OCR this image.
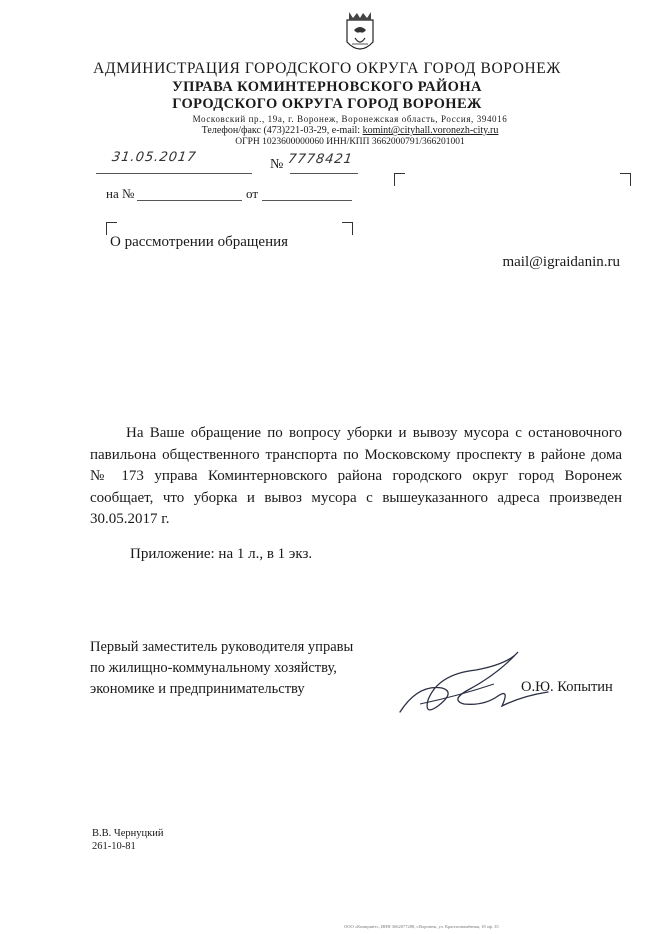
АДМИНИСТРАЦИЯ ГОРОДСКОГО ОКРУГА ГОРОД ВОРОНЕЖ
УПРАВА КОМИНТЕРНОВСКОГО РАЙОНА
ГОРОДСКОГО ОКРУГА ГОРОД ВОРОНЕЖ
Московский пр., 19а, г. Воронеж, Воронежская область, Россия, 394016
Телефон/факс (473)221-03-29, e-mail: komint@cityhall.voronezh-city.ru
ОГРН 1023600000060 ИНН/КПП 3662000791/366201001
31.05.2017	№ 7778421
на №	от
О рассмотрении обращения
mail@igraidanin.ru
На Ваше обращение по вопросу уборки и вывозу мусора с остановочного павильона общественного транспорта по Московскому проспекту в районе дома № 173 управа Коминтерновского района городского округ город Воронеж сообщает, что уборка и вывоз мусора с вышеуказанного адреса произведен 30.05.2017 г.
Приложение: на 1 л., в 1 экз.
Первый заместитель руководителя управы
по жилищно-коммунальному хозяйству,
экономике и предпринимательству	О.Ю. Копытин
В.В. Чернуцкий
261-10-81
ООО «Компринт», ИНН 3662077288, г.Воронеж, ул. Краснознамённая, 18 оф. 35
